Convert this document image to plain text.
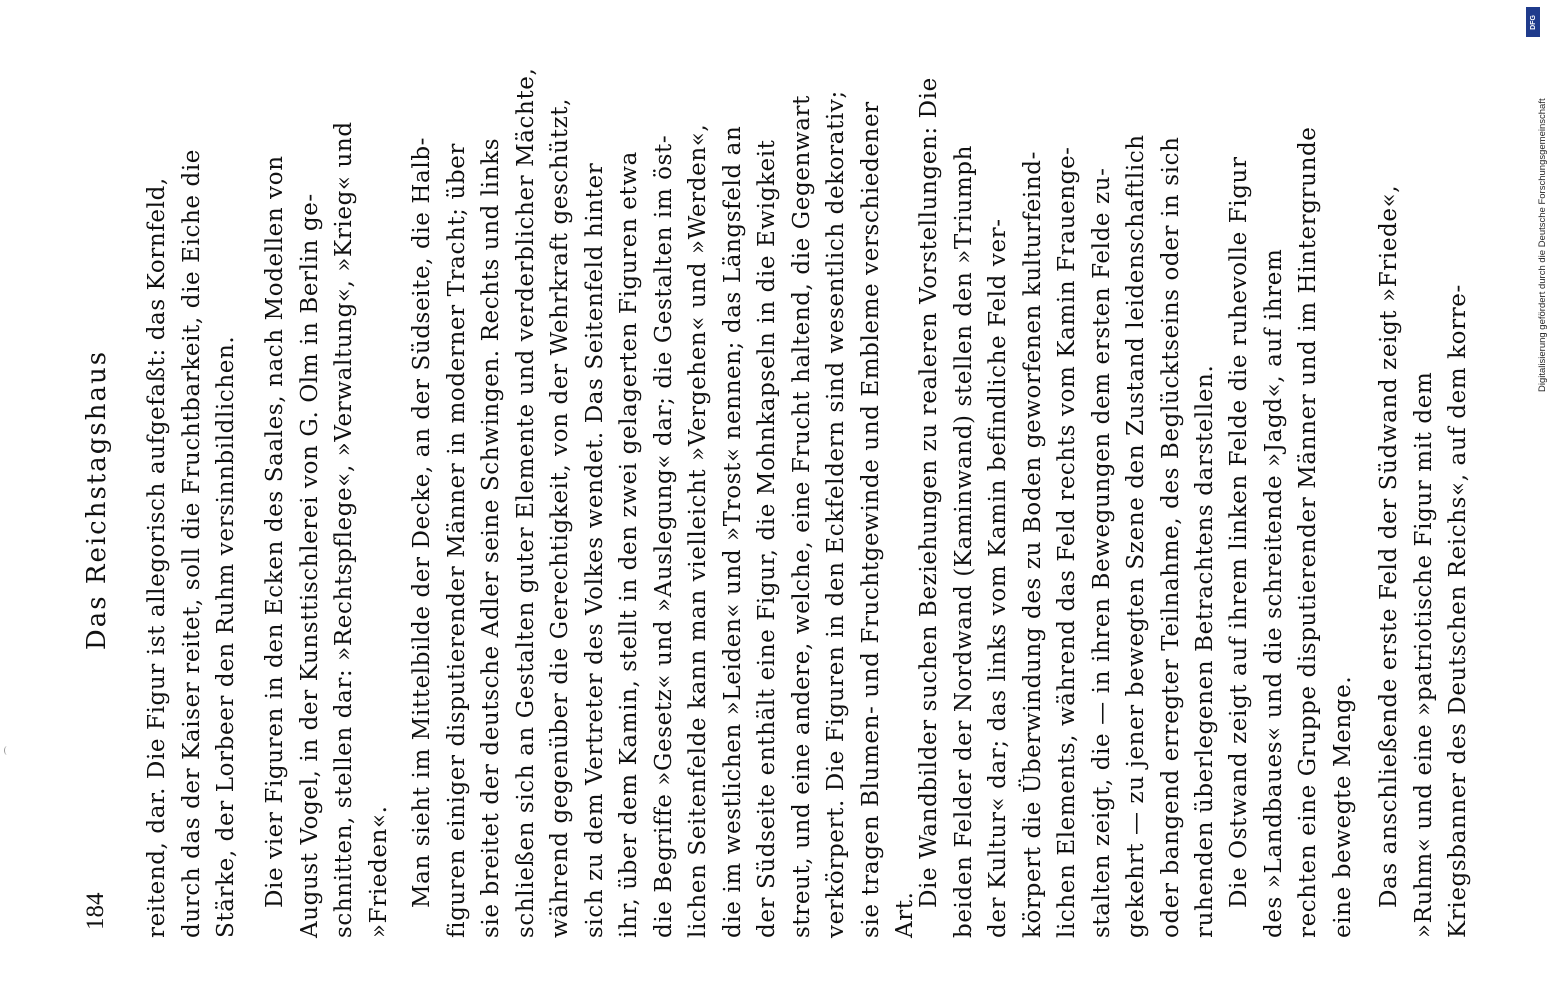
184
Das Reichstagshaus reitend, dar. Die Figur ist allegorisch aufgefaßt: das Kornfeld, durch das der Kaiser reitet, soll die Fruchtbarkeit, die Eiche die Stärke, der Lorbeer den Ruhm versinnbildlichen. Die vier Figuren in den Ecken des Saales, nach Modellen von August Vogel, in der Kunsttischlerei von G. Olm in Berlin ge- schnitten, stellen dar: »Rechtspflege«, »Verwaltung«, »Krieg« und »Frieden«. Man sieht im Mittelbilde der Decke, an der Südseite, die Halb- figuren einiger disputierender Männer in moderner Tracht; über sie breitet der deutsche Adler seine Schwingen. Rechts und links schließen sich an Gestalten guter Elemente und verderblicher Mächte, während gegenüber die Gerechtigkeit, von der Wehrkraft geschützt, sich zu dem Vertreter des Volkes wendet. Das Seitenfeld hinter ihr, über dem Kamin, stellt in den zwei gelagerten Figuren etwa die Begriffe »Gesetz« und »Auslegung« dar; die Gestalten im öst- lichen Seitenfelde kann man vielleicht »Vergehen« und »Werden«, die im westlichen »Leiden« und »Trost« nennen; das Längsfeld an der Südseite enthält eine Figur, die Mohnkapseln in die Ewigkeit streut, und eine andere, welche, eine Frucht haltend, die Gegenwart verkörpert. Die Figuren in den Eckfeldern sind wesentlich dekorativ; sie tragen Blumen- und Fruchtgewinde und Embleme verschiedener Art.

Die Wandbilder suchen Beziehungen zu realeren Vorstellungen: Die beiden Felder der Nordwand (Kaminwand) stellen den »Triumph der Kultur« dar; das links vom Kamin befindliche Feld ver- körpert die Überwindung des zu Boden geworfenen kulturfeind- lichen Elements, während das Feld rechts vom Kamin Frauenge- stalten zeigt, die — in ihren Bewegungen dem ersten Felde zu- gekehrt — zu jener bewegten Szene den Zustand leidenschaftlich oder bangend erregter Teilnahme, des Beglücktseins oder in sich ruhenden überlegenen Betrachtens darstellen. Die Ostwand zeigt auf ihrem linken Felde die ruhevolle Figur des »Landbaues« und die schreitende »Jagd«, auf ihrem rechten eine Gruppe disputierender Männer und im Hintergrunde eine bewegte Menge. Das anschließende erste Feld der Südwand zeigt »Friede«, »Ruhm« und eine »patriotische Figur mit dem Kriegsbanner des Deutschen Reichs«, auf dem korre-

DFG
Digitalisierung gefördert durch die Deutsche Forschungsgemeinschaft
